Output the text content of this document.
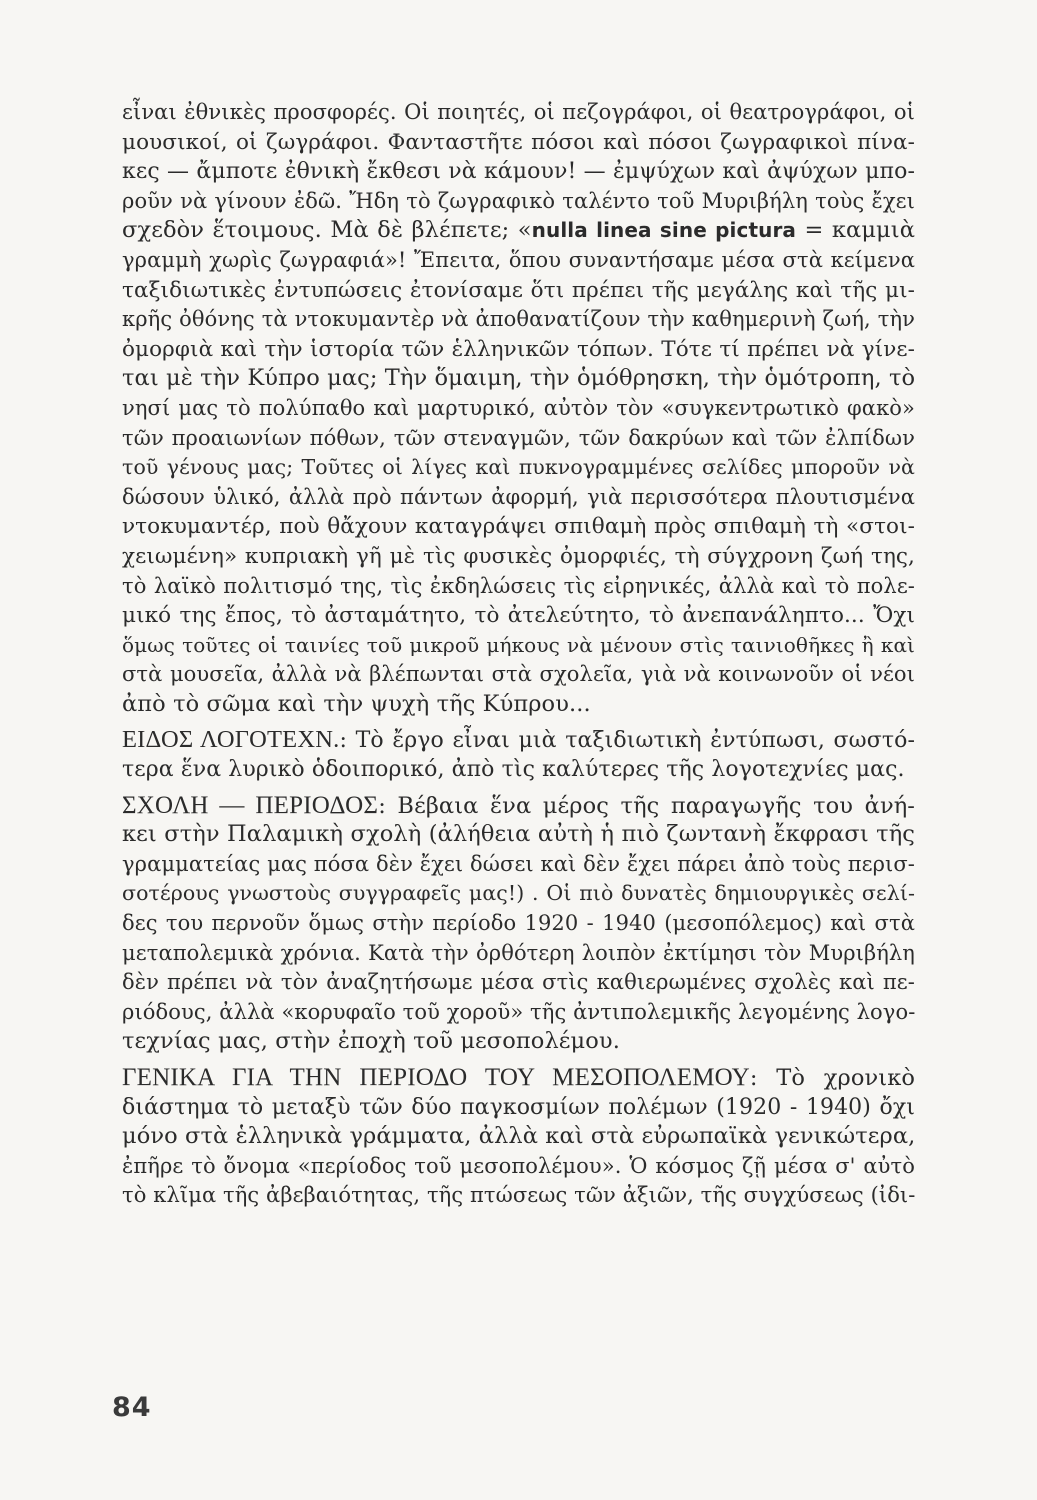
εἶναι ἐθνικὲς προσφορές. Οἱ ποιητές, οἱ πεζογράφοι, οἱ θεατρογράφοι, οἱ
μουσικοί, οἱ ζωγράφοι. Φανταστῆτε πόσοι καὶ πόσοι ζωγραφικοὶ πίνα-
κες — ἄμποτε ἐθνικὴ ἔκθεσι νὰ κάμουν! — ἐμψύχων καὶ ἀψύχων μπο-
ροῦν νὰ γίνουν ἐδῶ. Ἤδη τὸ ζωγραφικὸ ταλέντο τοῦ Μυριβήλη τοὺς ἔχει
σχεδὸν ἕτοιμους. Μὰ δὲ βλέπετε; «nulla linea sine pictura = καμμιὰ
γραμμὴ χωρὶς ζωγραφιά»! Ἔπειτα, ὅπου συναντήσαμε μέσα στὰ κείμενα
ταξιδιωτικὲς ἐντυπώσεις ἐτονίσαμε ὅτι πρέπει τῆς μεγάλης καὶ τῆς μι-
κρῆς ὀθόνης τὰ ντοκυμαντὲρ νὰ ἀποθανατίζουν τὴν καθημερινὴ ζωή, τὴν
ὀμορφιὰ καὶ τὴν ἱστορία τῶν ἑλληνικῶν τόπων. Τότε τί πρέπει νὰ γίνε-
ται μὲ τὴν Κύπρο μας; Τὴν ὅμαιμη, τὴν ὁμόθρησκη, τὴν ὁμότροπη, τὸ
νησί μας τὸ πολύπαθο καὶ μαρτυρικό, αὐτὸν τὸν «συγκεντρωτικὸ φακὸ»
τῶν προαιωνίων πόθων, τῶν στεναγμῶν, τῶν δακρύων καὶ τῶν ἐλπίδων
τοῦ γένους μας; Τοῦτες οἱ λίγες καὶ πυκνογραμμένες σελίδες μποροῦν νὰ
δώσουν ὑλικό, ἀλλὰ πρὸ πάντων ἀφορμή, γιὰ περισσότερα πλουτισμένα
ντοκυμαντέρ, ποὺ θἄχουν καταγράψει σπιθαμὴ πρὸς σπιθαμὴ τὴ «στοι-
χειωμένη» κυπριακὴ γῆ μὲ τὶς φυσικὲς ὀμορφιές, τὴ σύγχρονη ζωή της,
τὸ λαϊκὸ πολιτισμό της, τὶς ἐκδηλώσεις τὶς εἰρηνικές, ἀλλὰ καὶ τὸ πολε-
μικό της ἔπος, τὸ ἀσταμάτητο, τὸ ἀτελεύτητο, τὸ ἀνεπανάληπτο... Ὄχι
ὅμως τοῦτες οἱ ταινίες τοῦ μικροῦ μήκους νὰ μένουν στὶς ταινιοθῆκες ἢ καὶ
στὰ μουσεῖα, ἀλλὰ νὰ βλέπωνται στὰ σχολεῖα, γιὰ νὰ κοινωνοῦν οἱ νέοι
ἀπὸ τὸ σῶμα καὶ τὴν ψυχὴ τῆς Κύπρου...
ΕΙΔΟΣ ΛΟΓΟΤΕΧΝ.: Τὸ ἔργο εἶναι μιὰ ταξιδιωτικὴ ἐντύπωσι, σωστό-
τερα ἕνα λυρικὸ ὁδοιπορικό, ἀπὸ τὶς καλύτερες τῆς λογοτεχνίες μας.
ΣΧΟΛΗ — ΠΕΡΙΟΔΟΣ: Βέβαια ἕνα μέρος τῆς παραγωγῆς του ἀνή-
κει στὴν Παλαμικὴ σχολὴ (ἀλήθεια αὐτὴ ἡ πιὸ ζωντανὴ ἔκφρασι τῆς
γραμματείας μας πόσα δὲν ἔχει δώσει καὶ δὲν ἔχει πάρει ἀπὸ τοὺς περισ-
σοτέρους γνωστοὺς συγγραφεῖς μας!) . Οἱ πιὸ δυνατὲς δημιουργικὲς σελί-
δες του περνοῦν ὅμως στὴν περίοδο 1920 - 1940 (μεσοπόλεμος) καὶ στὰ
μεταπολεμικὰ χρόνια. Κατὰ τὴν ὀρθότερη λοιπὸν ἐκτίμησι τὸν Μυριβήλη
δὲν πρέπει νὰ τὸν ἀναζητήσωμε μέσα στὶς καθιερωμένες σχολὲς καὶ πε-
ριόδους, ἀλλὰ «κορυφαῖο τοῦ χοροῦ» τῆς ἀντιπολεμικῆς λεγομένης λογο-
τεχνίας μας, στὴν ἐποχὴ τοῦ μεσοπολέμου.
ΓΕΝΙΚΑ ΓΙΑ ΤΗΝ ΠΕΡΙΟΔΟ ΤΟΥ ΜΕΣΟΠΟΛΕΜΟΥ: Τὸ χρονικὸ
διάστημα τὸ μεταξὺ τῶν δύο παγκοσμίων πολέμων (1920 - 1940) ὄχι
μόνο στὰ ἑλληνικὰ γράμματα, ἀλλὰ καὶ στὰ εὐρωπαϊκὰ γενικώτερα,
ἐπῆρε τὸ ὄνομα «περίοδος τοῦ μεσοπολέμου». Ὁ κόσμος ζῇ μέσα σ' αὐτὸ
τὸ κλῖμα τῆς ἀβεβαιότητας, τῆς πτώσεως τῶν ἀξιῶν, τῆς συγχύσεως (ἰδι-
84
